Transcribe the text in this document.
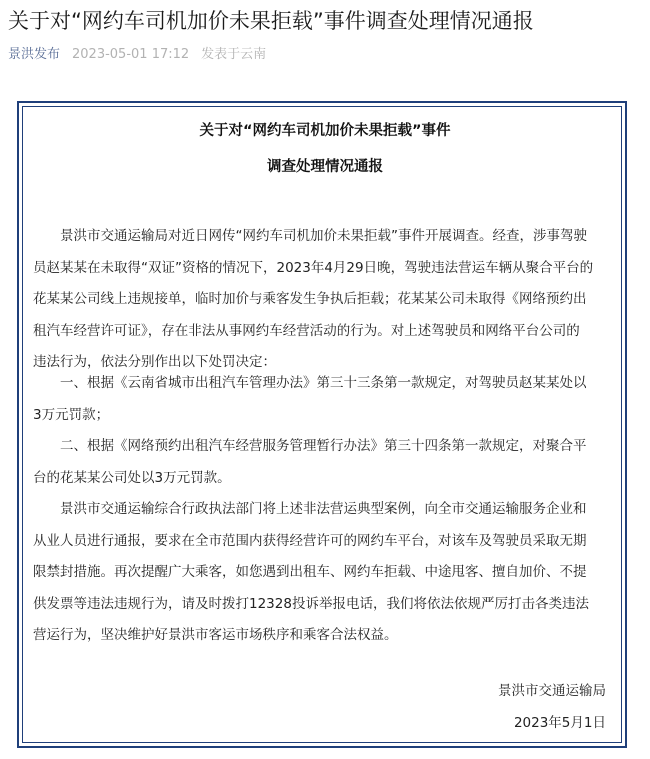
关于对“网约车司机加价未果拒载”事件调查处理情况通报
景洪发布 2023-05-01 17:12 发表于云南
关于对“网约车司机加价未果拒载”事件
调查处理情况通报
景洪市交通运输局对近日网传“网约车司机加价未果拒载”事件开展调查。经查，涉事驾驶
员赵某某在未取得“双证”资格的情况下，2023年4月29日晚，驾驶违法营运车辆从聚合平台的
花某某公司线上违规接单，临时加价与乘客发生争执后拒载；花某某公司未取得《网络预约出
租汽车经营许可证》，存在非法从事网约车经营活动的行为。对上述驾驶员和网络平台公司的
违法行为，依法分别作出以下处罚决定：
一、根据《云南省城市出租汽车管理办法》第三十三条第一款规定，对驾驶员赵某某处以
3万元罚款；
二、根据《网络预约出租汽车经营服务管理暂行办法》第三十四条第一款规定，对聚合平
台的花某某公司处以3万元罚款。
景洪市交通运输综合行政执法部门将上述非法营运典型案例，向全市交通运输服务企业和
从业人员进行通报，要求在全市范围内获得经营许可的网约车平台，对该车及驾驶员采取无期
限禁封措施。再次提醒广大乘客，如您遇到出租车、网约车拒载、中途甩客、擅自加价、不提
供发票等违法违规行为，请及时拨打12328投诉举报电话，我们将依法依规严厉打击各类违法
营运行为，坚决维护好景洪市客运市场秩序和乘客合法权益。
景洪市交通运输局
2023年5月1日
